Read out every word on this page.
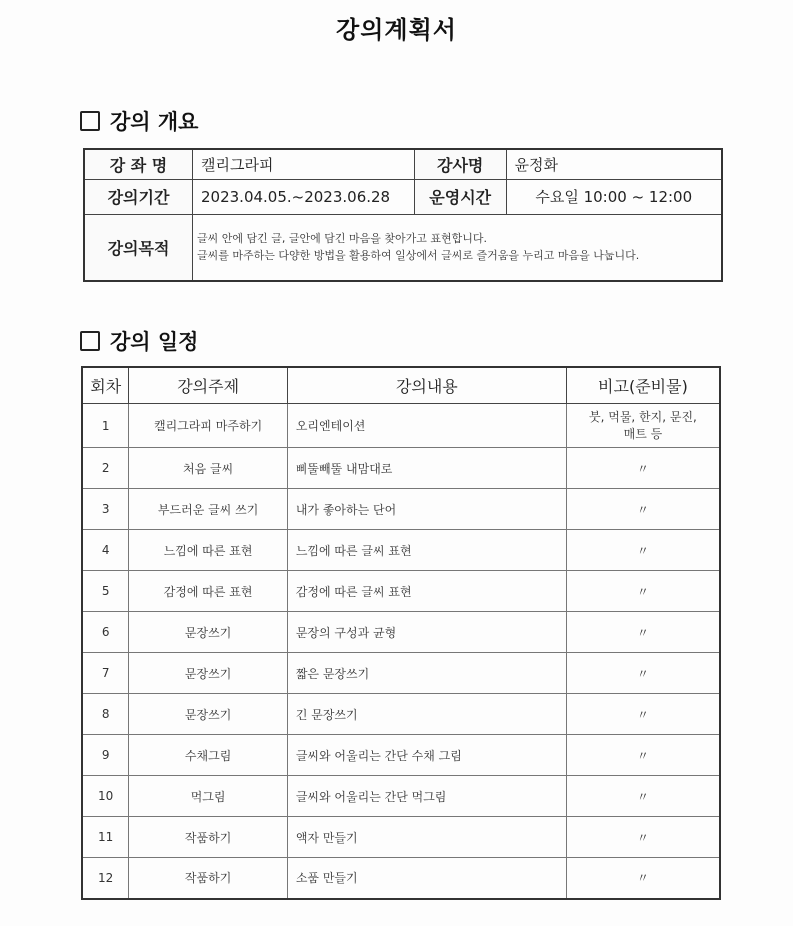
강의계획서
강의 개요
강 좌 명	캘리그라피	강사명	윤정화
강의기간	2023.04.05.~2023.06.28	운영시간	수요일 10:00 ~ 12:00
강의목적	글씨 안에 담긴 글, 글안에 담긴 마음을 찾아가고 표현합니다.
글씨를 마주하는 다양한 방법을 활용하여 일상에서 글씨로 즐거움을 누리고 마음을 나눕니다.		
강의 일정
회차	강의주제	강의내용	비고(준비물)
1	캘리그라피 마주하기	오리엔테이션	붓, 먹물, 한지, 문진, 매트 등
2	처음 글씨	삐뚤빼뚤 내맘대로	〃
3	부드러운 글씨 쓰기	내가 좋아하는 단어	〃
4	느낌에 따른 표현	느낌에 따른 글씨 표현	〃
5	감정에 따른 표현	감정에 따른 글씨 표현	〃
6	문장쓰기	문장의 구성과 균형	〃
7	문장쓰기	짧은 문장쓰기	〃
8	문장쓰기	긴 문장쓰기	〃
9	수채그림	글씨와 어울리는 간단 수채 그림	〃
10	먹그림	글씨와 어울리는 간단 먹그림	〃
11	작품하기	액자 만들기	〃
12	작품하기	소품 만들기	〃
